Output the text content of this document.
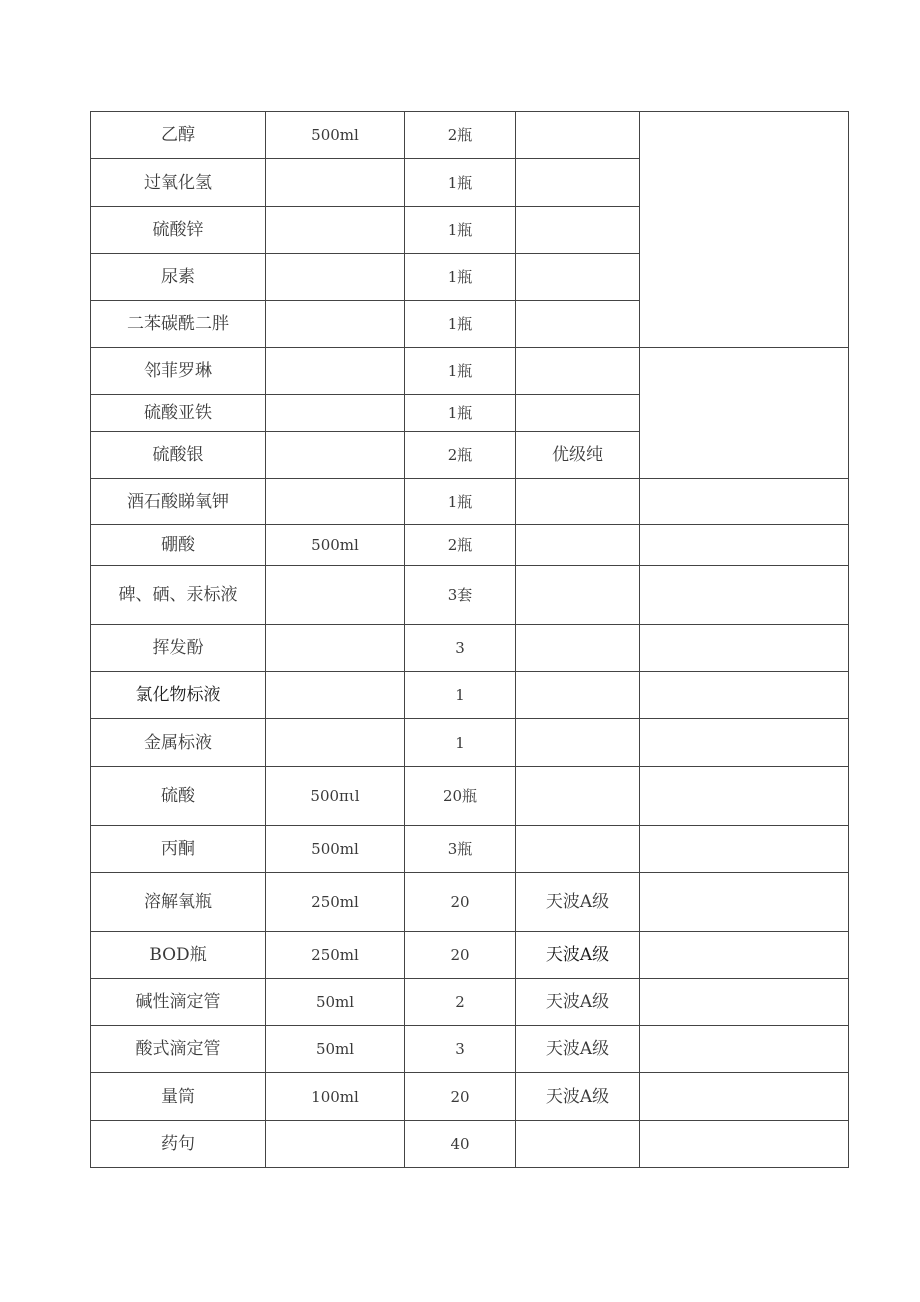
乙醇	500ml	2瓶		
过氧化氢		1瓶		
硫酸锌		1瓶		
尿素		1瓶		
二苯碳酰二胖		1瓶		
邻菲罗琳		1瓶		
硫酸亚铁		1瓶		
硫酸银		2瓶	优级纯	
酒石酸睇氧钾		1瓶		
硼酸	500ml	2瓶		
碑、硒、汞标液		3套		
挥发酚		3		
氯化物标液		1		
金属标液		1		
硫酸	500πιl	20瓶		
丙酮	500ml	3瓶		
溶解氧瓶	250ml	20	天波A级	
BOD瓶	250ml	20	天波A级	
碱性滴定管	50ml	2	天波A级	
酸式滴定管	50ml	3	天波A级	
量筒	100ml	20	天波A级	
药句		40		
